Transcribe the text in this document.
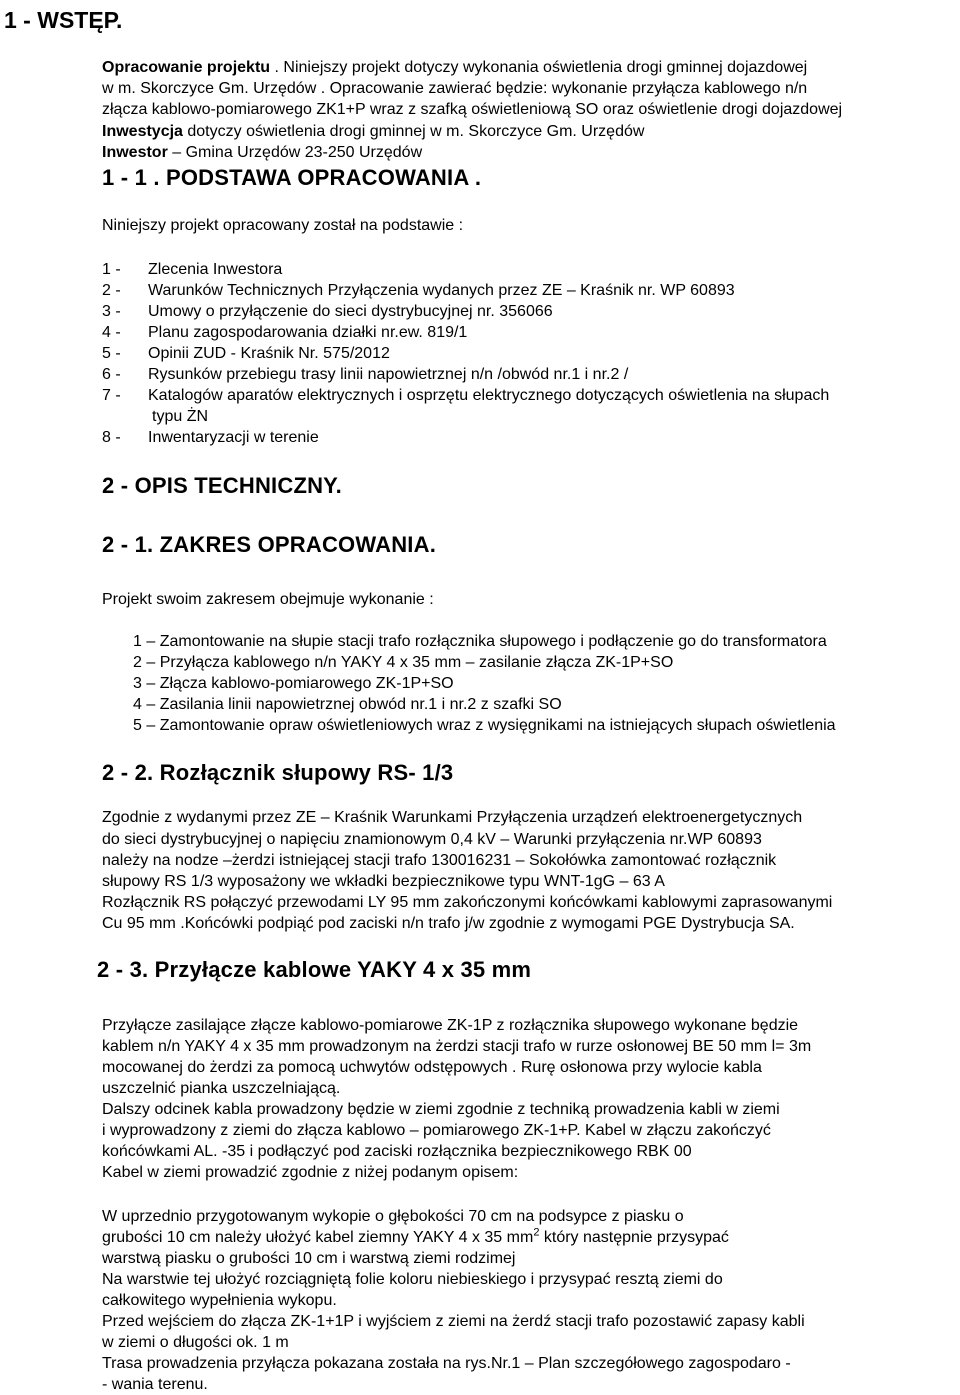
1 - WSTĘP.
Opracowanie projektu . Niniejszy projekt dotyczy wykonania oświetlenia drogi gminnej dojazdowej
w m. Skorczyce Gm. Urzędów . Opracowanie zawierać będzie: wykonanie przyłącza kablowego n/n
złącza kablowo-pomiarowego ZK1+P wraz z szafką oświetleniową SO oraz oświetlenie drogi dojazdowej
Inwestycja dotyczy oświetlenia drogi gminnej w m. Skorczyce Gm. Urzędów
Inwestor – Gmina Urzędów 23-250 Urzędów
1 - 1 . PODSTAWA OPRACOWANIA .
Niniejszy projekt opracowany został na podstawie :
1 - Zlecenia Inwestora
2 - Warunków Technicznych Przyłączenia wydanych przez ZE – Kraśnik nr. WP 60893
3 - Umowy o przyłączenie do sieci dystrybucyjnej nr. 356066
4 - Planu zagospodarowania działki nr.ew. 819/1
5 - Opinii ZUD - Kraśnik Nr. 575/2012
6 - Rysunków przebiegu trasy linii napowietrznej n/n /obwód nr.1 i nr.2 /
7 - Katalogów aparatów elektrycznych i osprzętu elektrycznego dotyczących oświetlenia na słupach
typu ŻN
8 - Inwentaryzacji w terenie
2 - OPIS TECHNICZNY.
2 - 1. ZAKRES OPRACOWANIA.
Projekt swoim zakresem obejmuje wykonanie :
1 – Zamontowanie na słupie stacji trafo rozłącznika słupowego i podłączenie go do transformatora
2 – Przyłącza kablowego n/n YAKY 4 x 35 mm – zasilanie złącza ZK-1P+SO
3 – Złącza kablowo-pomiarowego ZK-1P+SO
4 – Zasilania linii napowietrznej obwód nr.1 i nr.2 z szafki SO
5 – Zamontowanie opraw oświetleniowych wraz z wysięgnikami na istniejących słupach oświetlenia
2 - 2. Rozłącznik słupowy RS- 1/3
Zgodnie z wydanymi przez ZE – Kraśnik Warunkami Przyłączenia urządzeń elektroenergetycznych
do sieci dystrybucyjnej o napięciu znamionowym 0,4 kV – Warunki przyłączenia nr.WP 60893
należy na nodze –żerdzi istniejącej stacji trafo 130016231 – Sokołówka zamontować rozłącznik
słupowy RS 1/3 wyposażony we wkładki bezpiecznikowe typu WNT-1gG – 63 A
Rozłącznik RS połączyć przewodami LY 95 mm zakończonymi końcówkami kablowymi zaprasowanymi
Cu 95 mm .Końcówki podpiąć pod zaciski n/n trafo j/w zgodnie z wymogami PGE Dystrybucja SA.
2 - 3. Przyłącze kablowe YAKY 4 x 35 mm
Przyłącze zasilające złącze kablowo-pomiarowe ZK-1P z rozłącznika słupowego wykonane będzie
kablem n/n YAKY 4 x 35 mm prowadzonym na żerdzi stacji trafo w rurze osłonowej BE 50 mm l= 3m
mocowanej do żerdzi za pomocą uchwytów odstępowych . Rurę osłonowa przy wylocie kabla
uszczelnić pianka uszczelniającą.
Dalszy odcinek kabla prowadzony będzie w ziemi zgodnie z techniką prowadzenia kabli w ziemi
i wyprowadzony z ziemi do złącza kablowo – pomiarowego ZK-1+P. Kabel w złączu zakończyć
końcówkami AL. -35 i podłączyć pod zaciski rozłącznika bezpiecznikowego RBK 00
Kabel w ziemi prowadzić zgodnie z niżej podanym opisem:
W uprzednio przygotowanym wykopie o głębokości 70 cm na podsypce z piasku o
grubości 10 cm należy ułożyć kabel ziemny YAKY 4 x 35 $mm^2$ który następnie przysypać
warstwą piasku o grubości 10 cm i warstwą ziemi rodzimej
Na warstwie tej ułożyć rozciągniętą folie koloru niebieskiego i przysypać resztą ziemi do
całkowitego wypełnienia wykopu.
Przed wejściem do złącza ZK-1+1P i wyjściem z ziemi na żerdź stacji trafo pozostawić zapasy kabli
w ziemi o długości ok. 1 m
Trasa prowadzenia przyłącza pokazana została na rys.Nr.1 – Plan szczegółowego zagospodaro -
- wania terenu.
